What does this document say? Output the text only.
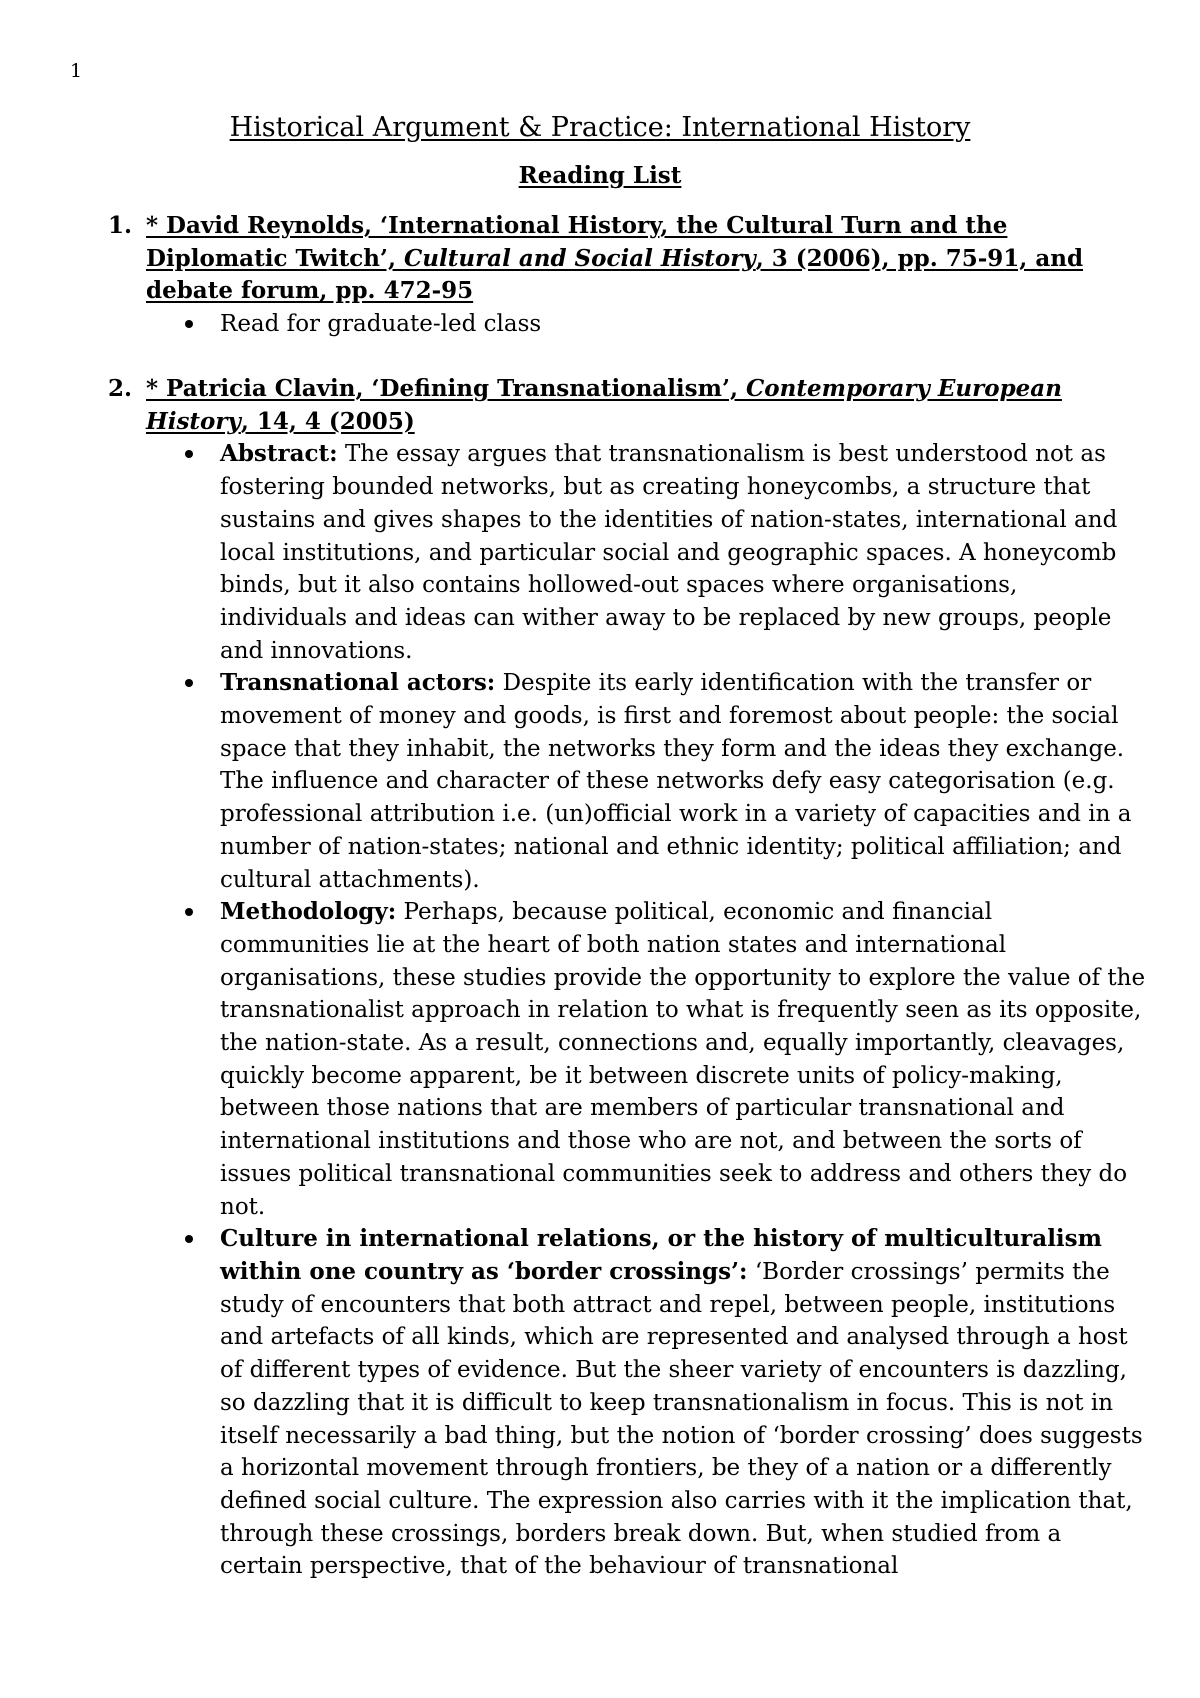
1
Historical Argument & Practice: International History
Reading List
1. * David Reynolds, ‘International History, the Cultural Turn and the Diplomatic Twitch’, Cultural and Social History, 3 (2006), pp. 75-91, and debate forum, pp. 472-95
Read for graduate-led class
2. * Patricia Clavin, ‘Defining Transnationalism’, Contemporary European History, 14, 4 (2005)
Abstract: The essay argues that transnationalism is best understood not as fostering bounded networks, but as creating honeycombs, a structure that sustains and gives shapes to the identities of nation-states, international and local institutions, and particular social and geographic spaces. A honeycomb binds, but it also contains hollowed-out spaces where organisations, individuals and ideas can wither away to be replaced by new groups, people and innovations.
Transnational actors: Despite its early identification with the transfer or movement of money and goods, is first and foremost about people: the social space that they inhabit, the networks they form and the ideas they exchange. The influence and character of these networks defy easy categorisation (e.g. professional attribution i.e. (un)official work in a variety of capacities and in a number of nation-states; national and ethnic identity; political affiliation; and cultural attachments).
Methodology: Perhaps, because political, economic and financial communities lie at the heart of both nation states and international organisations, these studies provide the opportunity to explore the value of the transnationalist approach in relation to what is frequently seen as its opposite, the nation-state. As a result, connections and, equally importantly, cleavages, quickly become apparent, be it between discrete units of policy-making, between those nations that are members of particular transnational and international institutions and those who are not, and between the sorts of issues political transnational communities seek to address and others they do not.
Culture in international relations, or the history of multiculturalism within one country as ‘border crossings’: ‘Border crossings’ permits the study of encounters that both attract and repel, between people, institutions and artefacts of all kinds, which are represented and analysed through a host of different types of evidence. But the sheer variety of encounters is dazzling, so dazzling that it is difficult to keep transnationalism in focus. This is not in itself necessarily a bad thing, but the notion of ‘border crossing’ does suggests a horizontal movement through frontiers, be they of a nation or a differently defined social culture. The expression also carries with it the implication that, through these crossings, borders break down. But, when studied from a certain perspective, that of the behaviour of transnational
